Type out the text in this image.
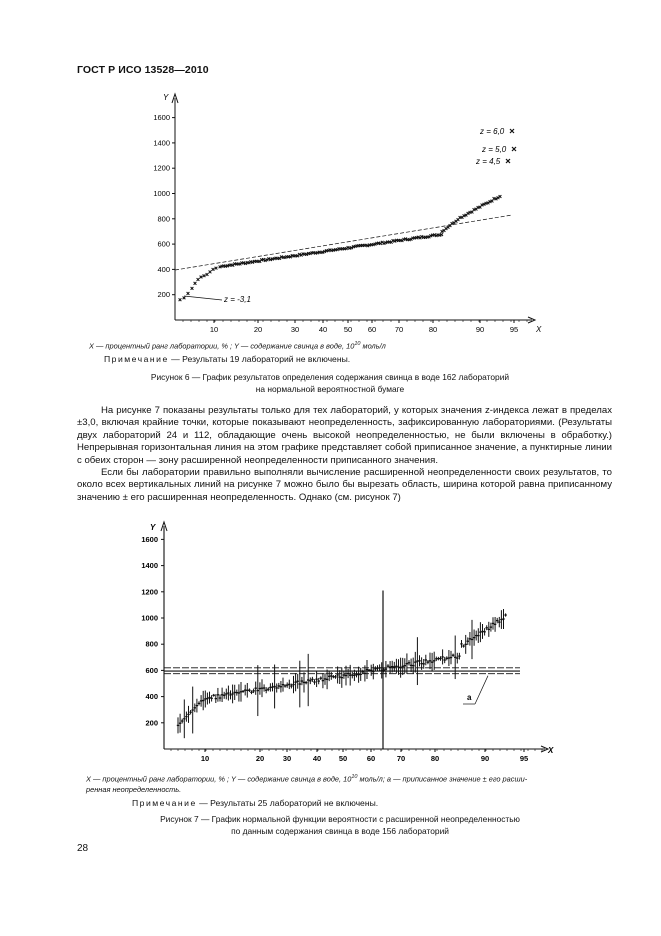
ГОСТ Р ИСО 13528—2010
Y
X
200
400
600
800
1000
1200
1400
1600
10	20	30	40 50 60 70	80	90	95
z = 6,0
z = 5,0
z = 4,5
z = -3,1
X — процентный ранг лаборатории, % ; Y — содержание свинца в воде, $10^{10}$ моль/л
Примечание — Результаты 19 лабораторий не включены.
Рисунок 6 — График результатов определения содержания свинца в воде 162 лабораторий
на нормальной вероятностной бумаге

На рисунке 7 показаны результаты только для тех лабораторий, у которых значения z-индекса лежат в пределах ±3,0, включая крайние точки, которые показывают неопределенность, зафиксированную лабораториями. (Результаты двух лабораторий 24 и 112, обладающие очень высокой неопределенностью, не были включены в обработку.) Непрерывная горизонтальная линия на этом графике представляет собой приписанное значение, а пунктирные линии с обеих сторон — зону расширенной неопределенности приписанного значения.

Если бы лаборатории правильно выполняли вычисление расширенной неопределенности своих результатов, то около всех вертикальных линий на рисунке 7 можно было бы вырезать область, ширина которой равна приписанному значению ± его расширенная неопределенность. Однако (см. рисунок 7)

Y
X
200
400
600
800
1000
1200
1400
1600
10	20 30	40 50	60	70	80	90	95
a
X — процентный ранг лаборатории, % ; Y — содержание свинца в воде, $10^{10}$ моль/л; a — приписанное значение ± его расши-
ренная неопределенность.
Примечание — Результаты 25 лабораторий не включены.
Рисунок 7 — График нормальной функции вероятности с расширенной неопределенностью
по данным содержания свинца в воде 156 лабораторий
28
